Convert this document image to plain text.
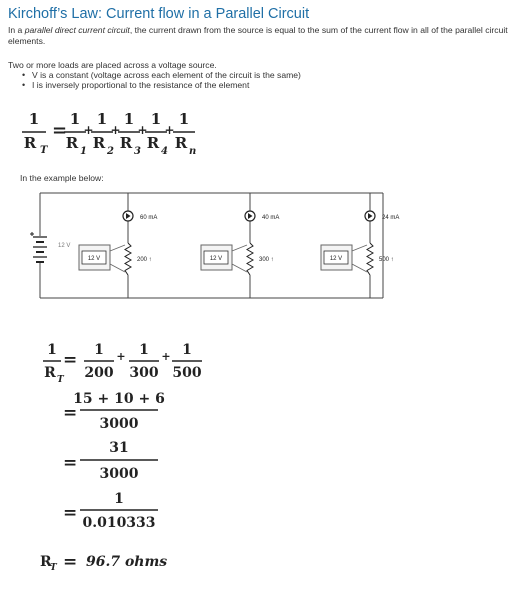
Kirchoff’s Law: Current flow in a Parallel Circuit
In a parallel direct current circuit, the current drawn from the source is equal to the sum of the current flow in all of the parallel circuit elements.
Two or more loads are placed across a voltage source.
• V is a constant (voltage across each element of the circuit is the same)
• I is inversely proportional to the resistance of the element
In the example below:
1
R T
=
1
R 1
+
1
R 2
+
1
R 3
+
1
R 4
+
1
R n
12 V
60 mA
200 ↑
12 V
40 mA
300 ↑
12 V
24 mA
500 ↑
12 V
1
R T
= 1
200
+ 1
300
+ 1
500
=
15 + 10 + 6
3000
=
31
3000
=
1
0.010333
R
T = 96.7 ohms
